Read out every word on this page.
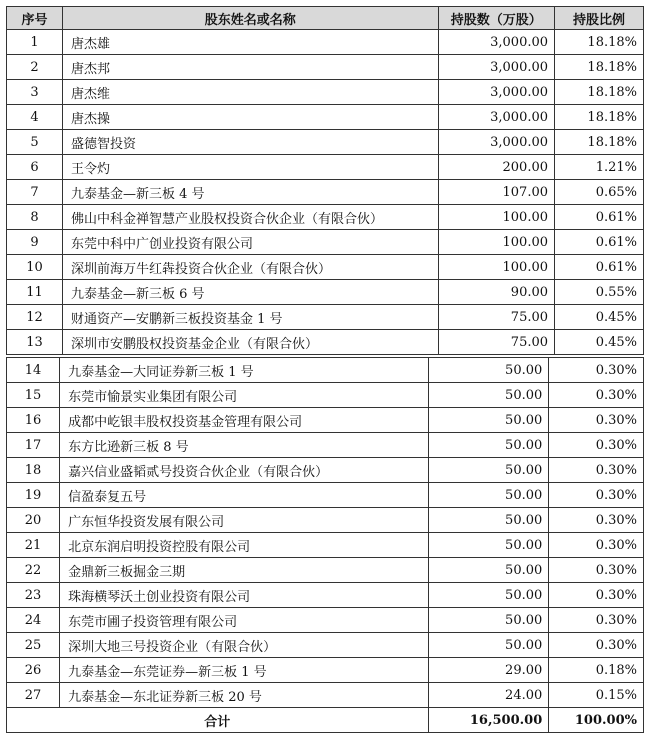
序号	股东姓名或名称	持股数（万股）	持股比例
1	唐杰雄	3,000.00	18.18%
2	唐杰邦	3,000.00	18.18%
3	唐杰维	3,000.00	18.18%
4	唐杰操	3,000.00	18.18%
5	盛德智投资	3,000.00	18.18%
6	王令灼	200.00	1.21%
7	九泰基金—新三板 4 号	107.00	0.65%
8	佛山中科金禅智慧产业股权投资合伙企业（有限合伙）	100.00	0.61%
9	东莞中科中广创业投资有限公司	100.00	0.61%
10	深圳前海万牛红犇投资合伙企业（有限合伙）	100.00	0.61%
11	九泰基金—新三板 6 号	90.00	0.55%
12	财通资产—安鹏新三板投资基金 1 号	75.00	0.45%
13	深圳市安鹏股权投资基金企业（有限合伙）	75.00	0.45%
14	九泰基金—大同证券新三板 1 号	50.00	0.30%
15	东莞市愉景实业集团有限公司	50.00	0.30%
16	成都中屹银丰股权投资基金管理有限公司	50.00	0.30%
17	东方比逊新三板 8 号	50.00	0.30%
18	嘉兴信业盛韬贰号投资合伙企业（有限合伙）	50.00	0.30%
19	信盈泰复五号	50.00	0.30%
20	广东恒华投资发展有限公司	50.00	0.30%
21	北京东润启明投资控股有限公司	50.00	0.30%
22	金鼎新三板掘金三期	50.00	0.30%
23	珠海横琴沃土创业投资有限公司	50.00	0.30%
24	东莞市圃子投资管理有限公司	50.00	0.30%
25	深圳大地三号投资企业（有限合伙）	50.00	0.30%
26	九泰基金—东莞证券—新三板 1 号	29.00	0.18%
27	九泰基金—东北证券新三板 20 号	24.00	0.15%
合计		16,500.00	100.00%
